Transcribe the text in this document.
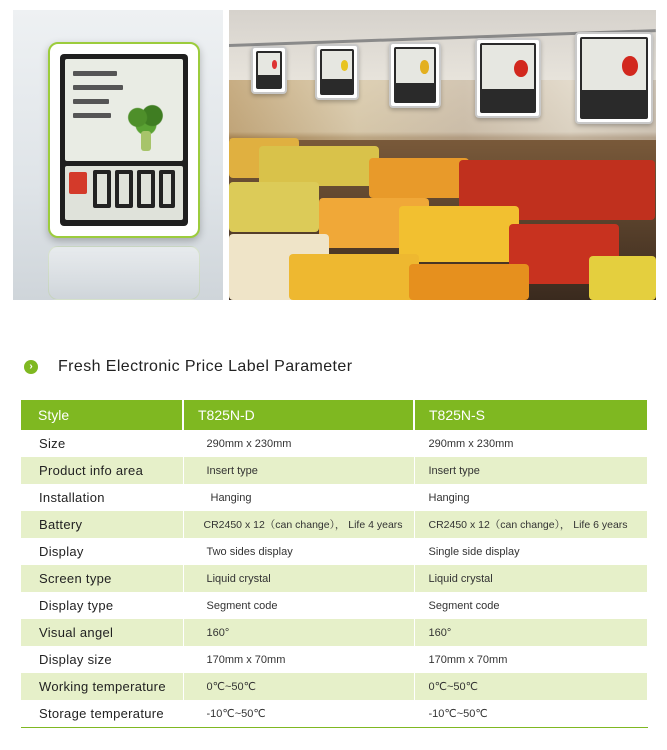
›	Fresh Electronic Price Label Parameter
Style	T825N-D	T825N-S
Size	290mm x 230mm	290mm x 230mm
Product info area	Insert type	Insert type
Installation	Hanging	Hanging
Battery	CR2450 x 12（can change）， Life 4 years	CR2450 x 12（can change）， Life 6 years
Display	Two sides display	Single side display
Screen type	Liquid crystal	Liquid crystal
Display type	Segment code	Segment code
Visual angel	160°	160°
Display size	170mm x 70mm	170mm x 70mm
Working temperature	0℃~50℃	0℃~50℃
Storage temperature	-10℃~50℃	-10℃~50℃
